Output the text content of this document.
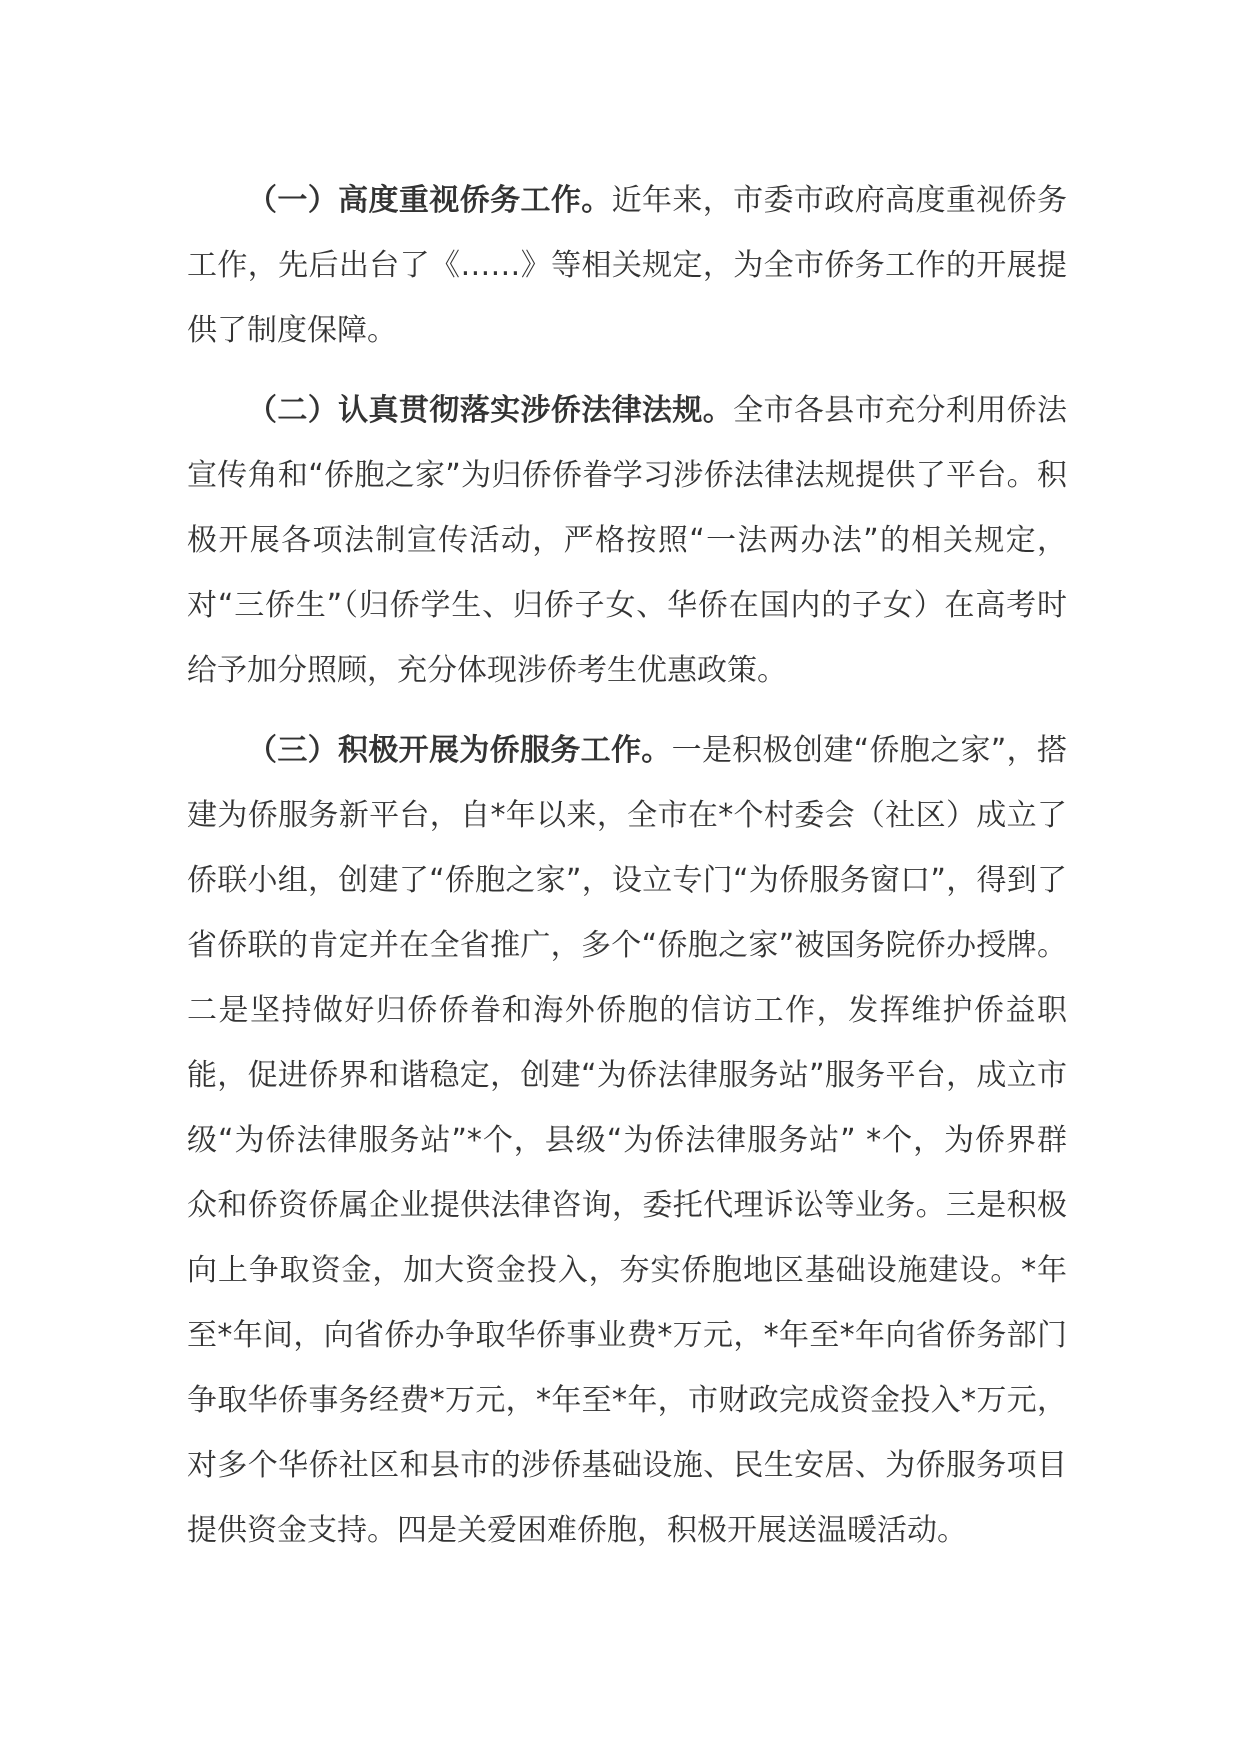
（一）高度重视侨务工作。近年来，市委市政府高度重视侨务工作，先后出台了《……》等相关规定，为全市侨务工作的开展提供了制度保障。

（二）认真贯彻落实涉侨法律法规。全市各县市充分利用侨法宣传角和“侨胞之家”为归侨侨眷学习涉侨法律法规提供了平台。积极开展各项法制宣传活动，严格按照“一法两办法”的相关规定，对“三侨生”（归侨学生、归侨子女、华侨在国内的子女）在高考时给予加分照顾，充分体现涉侨考生优惠政策。

（三）积极开展为侨服务工作。一是积极创建“侨胞之家”，搭建为侨服务新平台，自*年以来，全市在*个村委会（社区）成立了侨联小组，创建了“侨胞之家”，设立专门“为侨服务窗口”，得到了省侨联的肯定并在全省推广，多个“侨胞之家”被国务院侨办授牌。二是坚持做好归侨侨眷和海外侨胞的信访工作，发挥维护侨益职能，促进侨界和谐稳定，创建“为侨法律服务站”服务平台，成立市级“为侨法律服务站”*个，县级“为侨法律服务站” *个，为侨界群众和侨资侨属企业提供法律咨询，委托代理诉讼等业务。三是积极向上争取资金，加大资金投入，夯实侨胞地区基础设施建设。*年至*年间，向省侨办争取华侨事业费*万元，*年至*年向省侨务部门争取华侨事务经费*万元，*年至*年，市财政完成资金投入*万元，对多个华侨社区和县市的涉侨基础设施、民生安居、为侨服务项目提供资金支持。四是关爱困难侨胞，积极开展送温暖活动。
